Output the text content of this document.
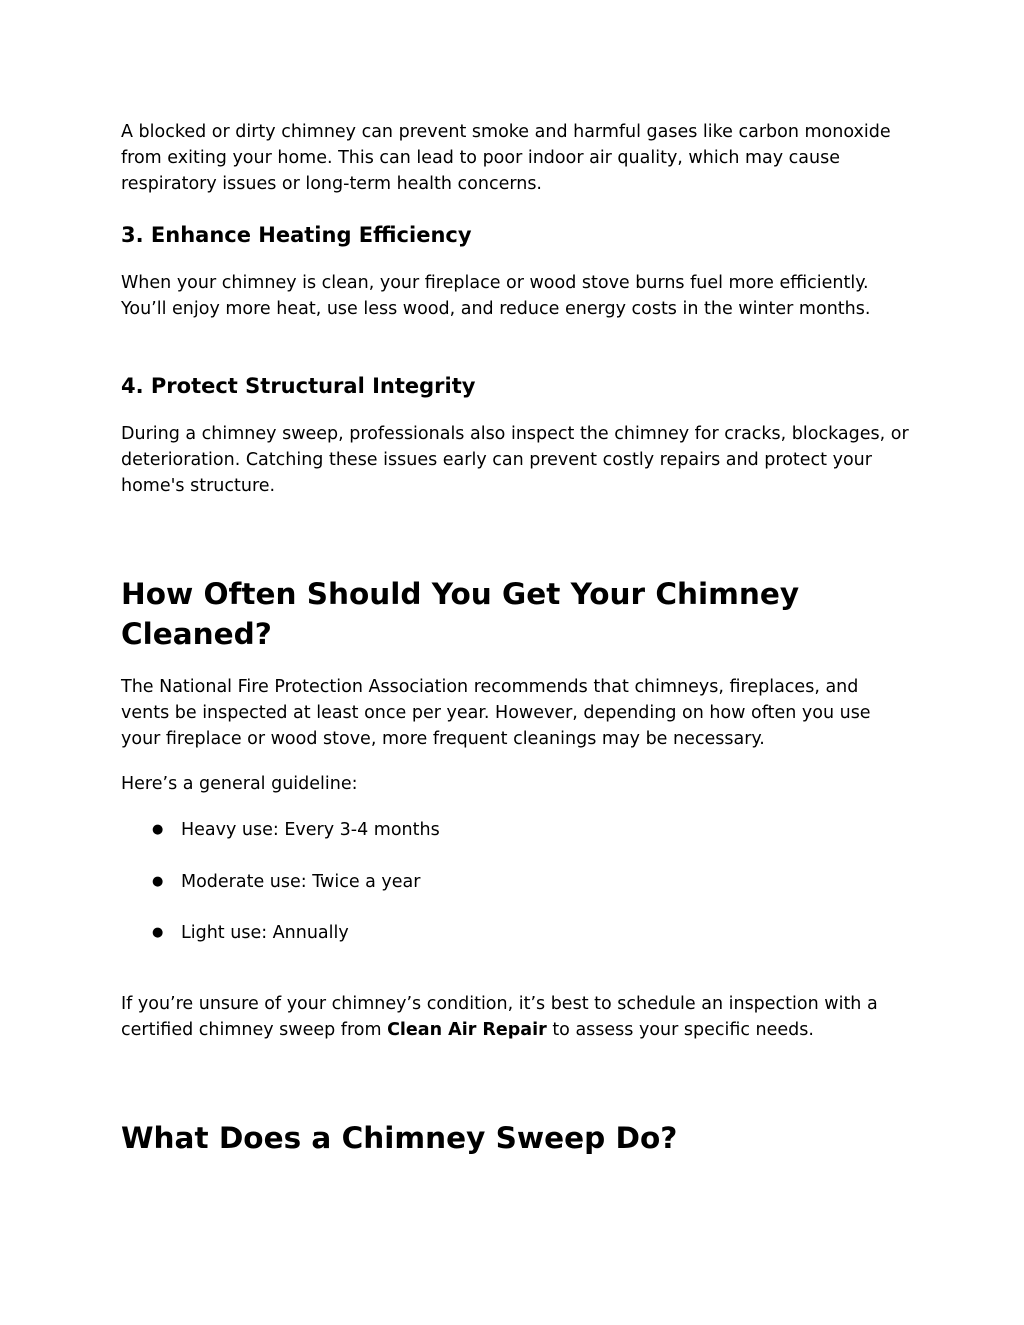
A blocked or dirty chimney can prevent smoke and harmful gases like carbon monoxide from exiting your home. This can lead to poor indoor air quality, which may cause respiratory issues or long-term health concerns.

3. Enhance Heating Efficiency

When your chimney is clean, your fireplace or wood stove burns fuel more efficiently. You’ll enjoy more heat, use less wood, and reduce energy costs in the winter months.

4. Protect Structural Integrity

During a chimney sweep, professionals also inspect the chimney for cracks, blockages, or deterioration. Catching these issues early can prevent costly repairs and protect your home's structure.

How Often Should You Get Your Chimney Cleaned?

The National Fire Protection Association recommends that chimneys, fireplaces, and vents be inspected at least once per year. However, depending on how often you use your fireplace or wood stove, more frequent cleanings may be necessary.

Here’s a general guideline:

● Heavy use: Every 3-4 months
● Moderate use: Twice a year
● Light use: Annually

If you’re unsure of your chimney’s condition, it’s best to schedule an inspection with a certified chimney sweep from Clean Air Repair to assess your specific needs.

What Does a Chimney Sweep Do?
